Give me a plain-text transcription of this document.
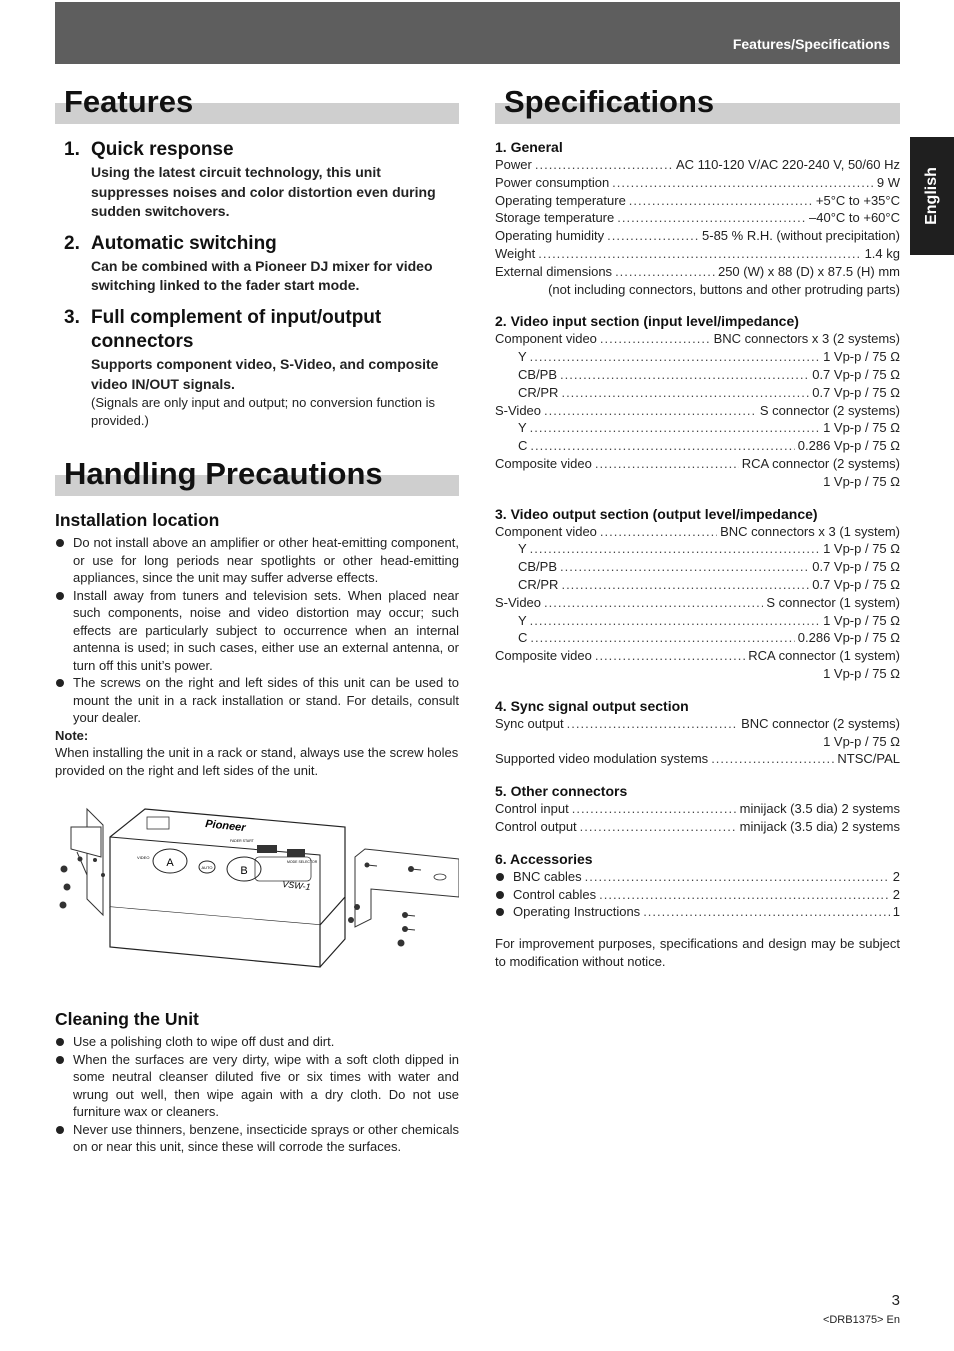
Features/Specifications
English
Features
1. Quick response
Using the latest circuit technology, this unit suppresses noises and color distortion even during sudden switchovers.
2. Automatic switching
Can be combined with a Pioneer DJ mixer for video switching linked to the fader start mode.
3. Full complement of input/output connectors
Supports component video, S-Video, and composite video IN/OUT signals.
(Signals are only input and output; no conversion function is provided.)
Handling Precautions
Installation location
Do not install above an amplifier or other heat-emitting component, or use for long periods near spotlights or other head-emitting appliances, since the unit may suffer adverse effects.
Install away from tuners and television sets. When placed near such components, noise and video distortion may occur; such effects are particularly subject to occurrence when an internal antenna is used; in such cases, either use an external antenna, or turn off this unit’s power.
The screws on the right and left sides of this unit can be used to mount the unit in a rack installation or stand. For details, consult your dealer.
Note:
When installing the unit in a rack or stand, always use the screw holes provided on the right and left sides of the unit.
A
B
AUTO
Pioneer
VSW-1
VIDEO
FADER START
MODE SELECTOR
Cleaning the Unit
Use a polishing cloth to wipe off dust and dirt.
When the surfaces are very dirty, wipe with a soft cloth dipped in some neutral cleanser diluted five or six times with water and wrung out well, then wipe again with a dry cloth. Do not use furniture wax or cleaners.
Never use thinners, benzene, insecticide sprays or other chemicals on or near this unit, since these will corrode the surfaces.
Specifications
1. General
Power .....	AC 110-120 V/AC 220-240 V, 50/60 Hz
Power consumption .....	9 W
Operating temperature .....	+5°C to +35°C
Storage temperature .....	–40°C to +60°C
Operating humidity .....	5-85 % R.H. (without precipitation)
Weight .....	1.4 kg
External dimensions .....	250 (W) x 88 (D) x 87.5 (H) mm
(not including connectors, buttons and other protruding parts)
2. Video input section (input level/impedance)
Component video .....	BNC connectors x 3 (2 systems)
Y .....	1 Vp-p / 75 Ω
CB/PB .....	0.7 Vp-p / 75 Ω
CR/PR .....	0.7 Vp-p / 75 Ω
S-Video .....	S connector (2 systems)
Y .....	1 Vp-p / 75 Ω
C .....	0.286 Vp-p / 75 Ω
Composite video .....	RCA connector (2 systems)
1 Vp-p / 75 Ω
3. Video output section (output level/impedance)
Component video .....	BNC connectors x 3 (1 system)
Y .....	1 Vp-p / 75 Ω
CB/PB .....	0.7 Vp-p / 75 Ω
CR/PR .....	0.7 Vp-p / 75 Ω
S-Video .....	S connector (1 system)
Y .....	1 Vp-p / 75 Ω
C .....	0.286 Vp-p / 75 Ω
Composite video .....	RCA connector (1 system)
1 Vp-p / 75 Ω
4. Sync signal output section
Sync output .....	BNC connector (2 systems)
1 Vp-p / 75 Ω
Supported video modulation systems .....	NTSC/PAL
5. Other connectors
Control input .....	minijack (3.5 dia) 2 systems
Control output .....	minijack (3.5 dia) 2 systems
6. Accessories
BNC cables .....	2
Control cables .....	2
Operating Instructions .....	1
For improvement purposes, specifications and design may be subject to modification without notice.
3
<DRB1375> En
